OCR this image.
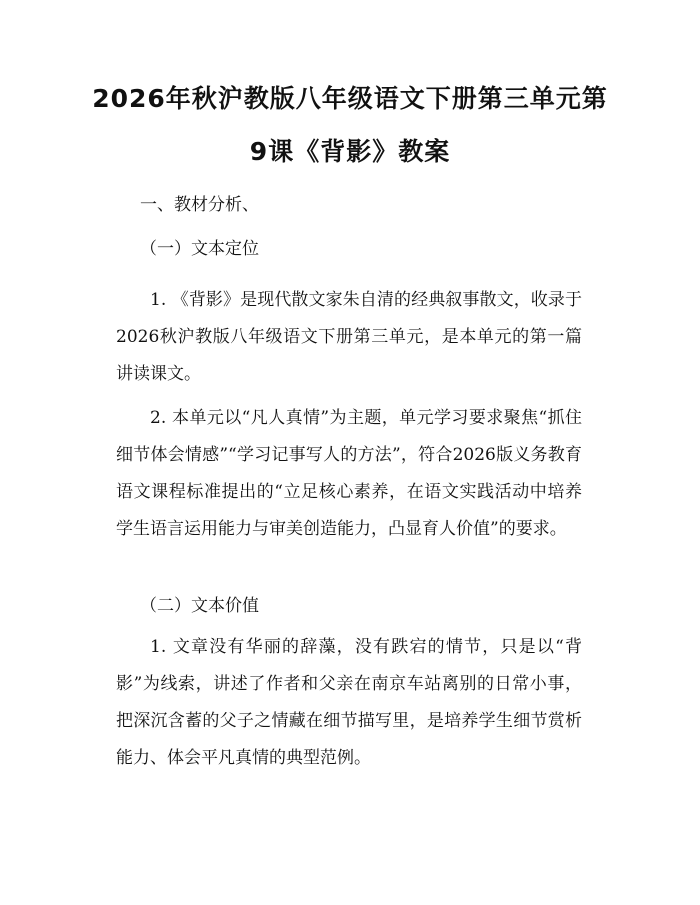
2026年秋沪教版八年级语文下册第三单元第
9课《背影》教案

一、教材分析、

（一）文本定位

1. 《背影》是现代散文家朱自清的经典叙事散文，收录于2026秋沪教版八年级语文下册第三单元，是本单元的第一篇讲读课文。

2. 本单元以“凡人真情”为主题，单元学习要求聚焦“抓住细节体会情感”“学习记事写人的方法”，符合2026版义务教育语文课程标准提出的“立足核心素养，在语文实践活动中培养学生语言运用能力与审美创造能力，凸显育人价值”的要求。

（二）文本价值

1. 文章没有华丽的辞藻，没有跌宕的情节，只是以“背影”为线索，讲述了作者和父亲在南京车站离别的日常小事，把深沉含蓄的父子之情藏在细节描写里，是培养学生细节赏析能力、体会平凡真情的典型范例。
